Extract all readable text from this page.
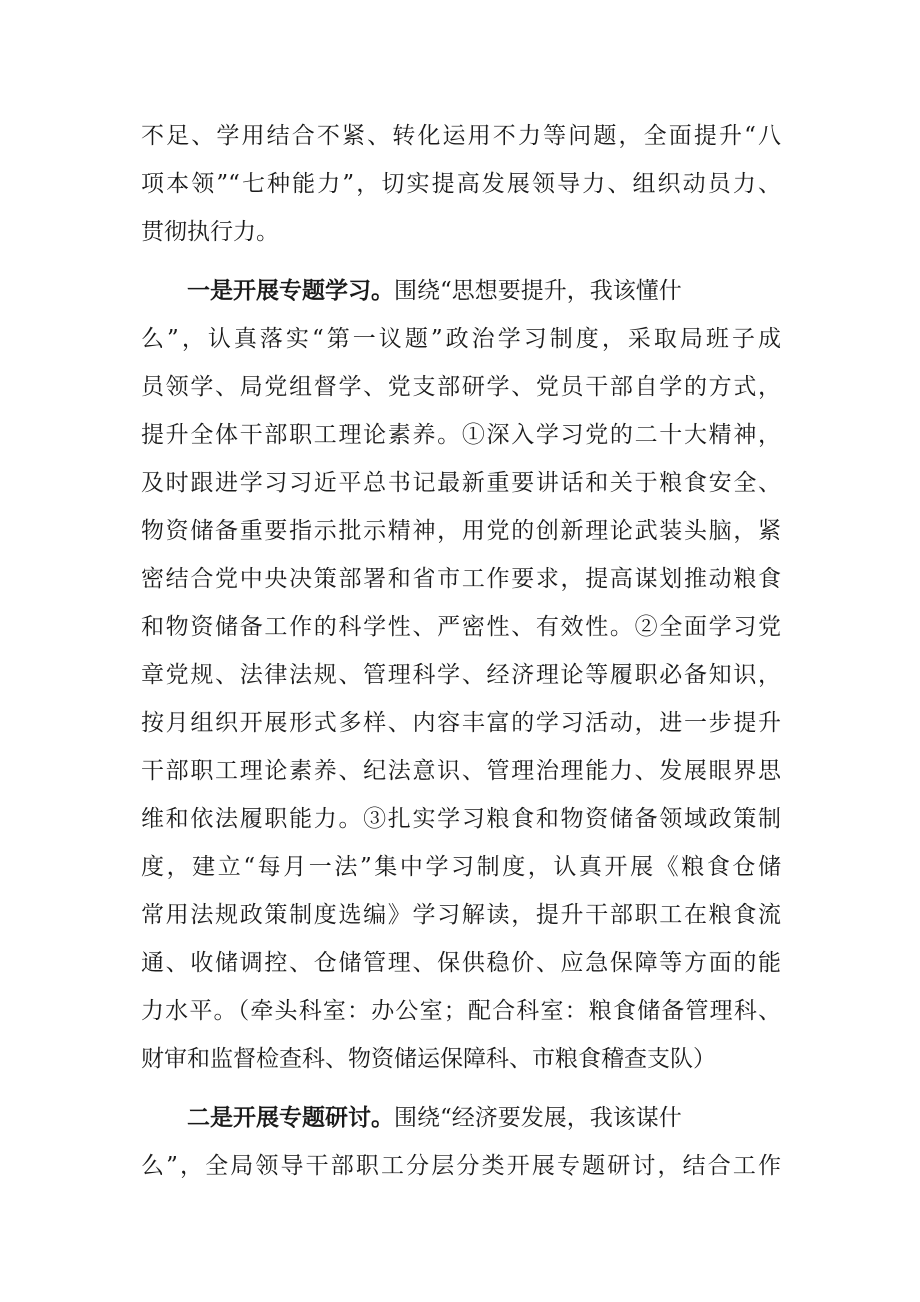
不足、学用结合不紧、转化运用不力等问题，全面提升“八
项本领”“七种能力”，切实提高发展领导力、组织动员力、
贯彻执行力。
一是开展专题学习。围绕“思想要提升，我该懂什
么”，认真落实“第一议题”政治学习制度，采取局班子成
员领学、局党组督学、党支部研学、党员干部自学的方式，
提升全体干部职工理论素养。①深入学习党的二十大精神，
及时跟进学习习近平总书记最新重要讲话和关于粮食安全、
物资储备重要指示批示精神，用党的创新理论武装头脑，紧
密结合党中央决策部署和省市工作要求，提高谋划推动粮食
和物资储备工作的科学性、严密性、有效性。②全面学习党
章党规、法律法规、管理科学、经济理论等履职必备知识，
按月组织开展形式多样、内容丰富的学习活动，进一步提升
干部职工理论素养、纪法意识、管理治理能力、发展眼界思
维和依法履职能力。③扎实学习粮食和物资储备领域政策制
度，建立“每月一法”集中学习制度，认真开展《粮食仓储
常用法规政策制度选编》学习解读，提升干部职工在粮食流
通、收储调控、仓储管理、保供稳价、应急保障等方面的能
力水平。（牵头科室：办公室；配合科室：粮食储备管理科、
财审和监督检查科、物资储运保障科、市粮食稽查支队）
二是开展专题研讨。围绕“经济要发展，我该谋什
么”，全局领导干部职工分层分类开展专题研讨，结合工作
